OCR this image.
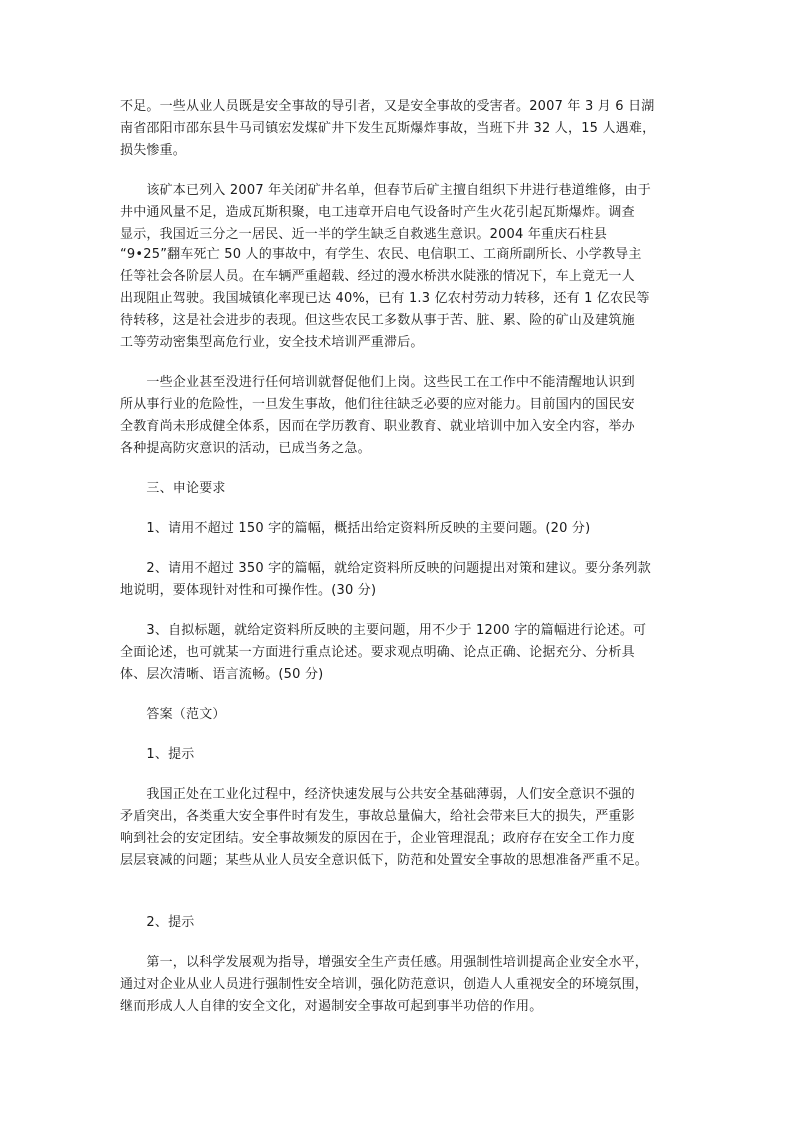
不足。一些从业人员既是安全事故的导引者，又是安全事故的受害者。2007 年 3 月 6 日湖
南省邵阳市邵东县牛马司镇宏发煤矿井下发生瓦斯爆炸事故，当班下井 32 人，15 人遇难，
损失惨重。
　　该矿本已列入 2007 年关闭矿井名单，但春节后矿主擅自组织下井进行巷道维修，由于
井中通风量不足，造成瓦斯积聚，电工违章开启电气设备时产生火花引起瓦斯爆炸。调查
显示，我国近三分之一居民、近一半的学生缺乏自救逃生意识。2004 年重庆石柱县
“9•25”翻车死亡 50 人的事故中，有学生、农民、电信职工、工商所副所长、小学教导主
任等社会各阶层人员。在车辆严重超载、经过的漫水桥洪水陡涨的情况下，车上竟无一人
出现阻止驾驶。我国城镇化率现已达 40%，已有 1.3 亿农村劳动力转移，还有 1 亿农民等
待转移，这是社会进步的表现。但这些农民工多数从事于苦、脏、累、险的矿山及建筑施
工等劳动密集型高危行业，安全技术培训严重滞后。
　　一些企业甚至没进行任何培训就督促他们上岗。这些民工在工作中不能清醒地认识到
所从事行业的危险性，一旦发生事故，他们往往缺乏必要的应对能力。目前国内的国民安
全教育尚未形成健全体系，因而在学历教育、职业教育、就业培训中加入安全内容，举办
各种提高防灾意识的活动，已成当务之急。
　　三、申论要求
　　1、请用不超过 150 字的篇幅，概括出给定资料所反映的主要问题。(20 分)
　　2、请用不超过 350 字的篇幅，就给定资料所反映的问题提出对策和建议。要分条列款
地说明，要体现针对性和可操作性。(30 分)
　　3、自拟标题，就给定资料所反映的主要问题，用不少于 1200 字的篇幅进行论述。可
全面论述，也可就某一方面进行重点论述。要求观点明确、论点正确、论据充分、分析具
体、层次清晰、语言流畅。(50 分)
　　答案（范文）
　　1、提示
　　我国正处在工业化过程中，经济快速发展与公共安全基础薄弱，人们安全意识不强的
矛盾突出，各类重大安全事件时有发生，事故总量偏大，给社会带来巨大的损失，严重影
响到社会的安定团结。安全事故频发的原因在于，企业管理混乱；政府存在安全工作力度
层层衰减的问题；某些从业人员安全意识低下，防范和处置安全事故的思想准备严重不足。
　　2、提示
　　第一，以科学发展观为指导，增强安全生产责任感。用强制性培训提高企业安全水平，
通过对企业从业人员进行强制性安全培训，强化防范意识，创造人人重视安全的环境氛围，
继而形成人人自律的安全文化，对遏制安全事故可起到事半功倍的作用。
